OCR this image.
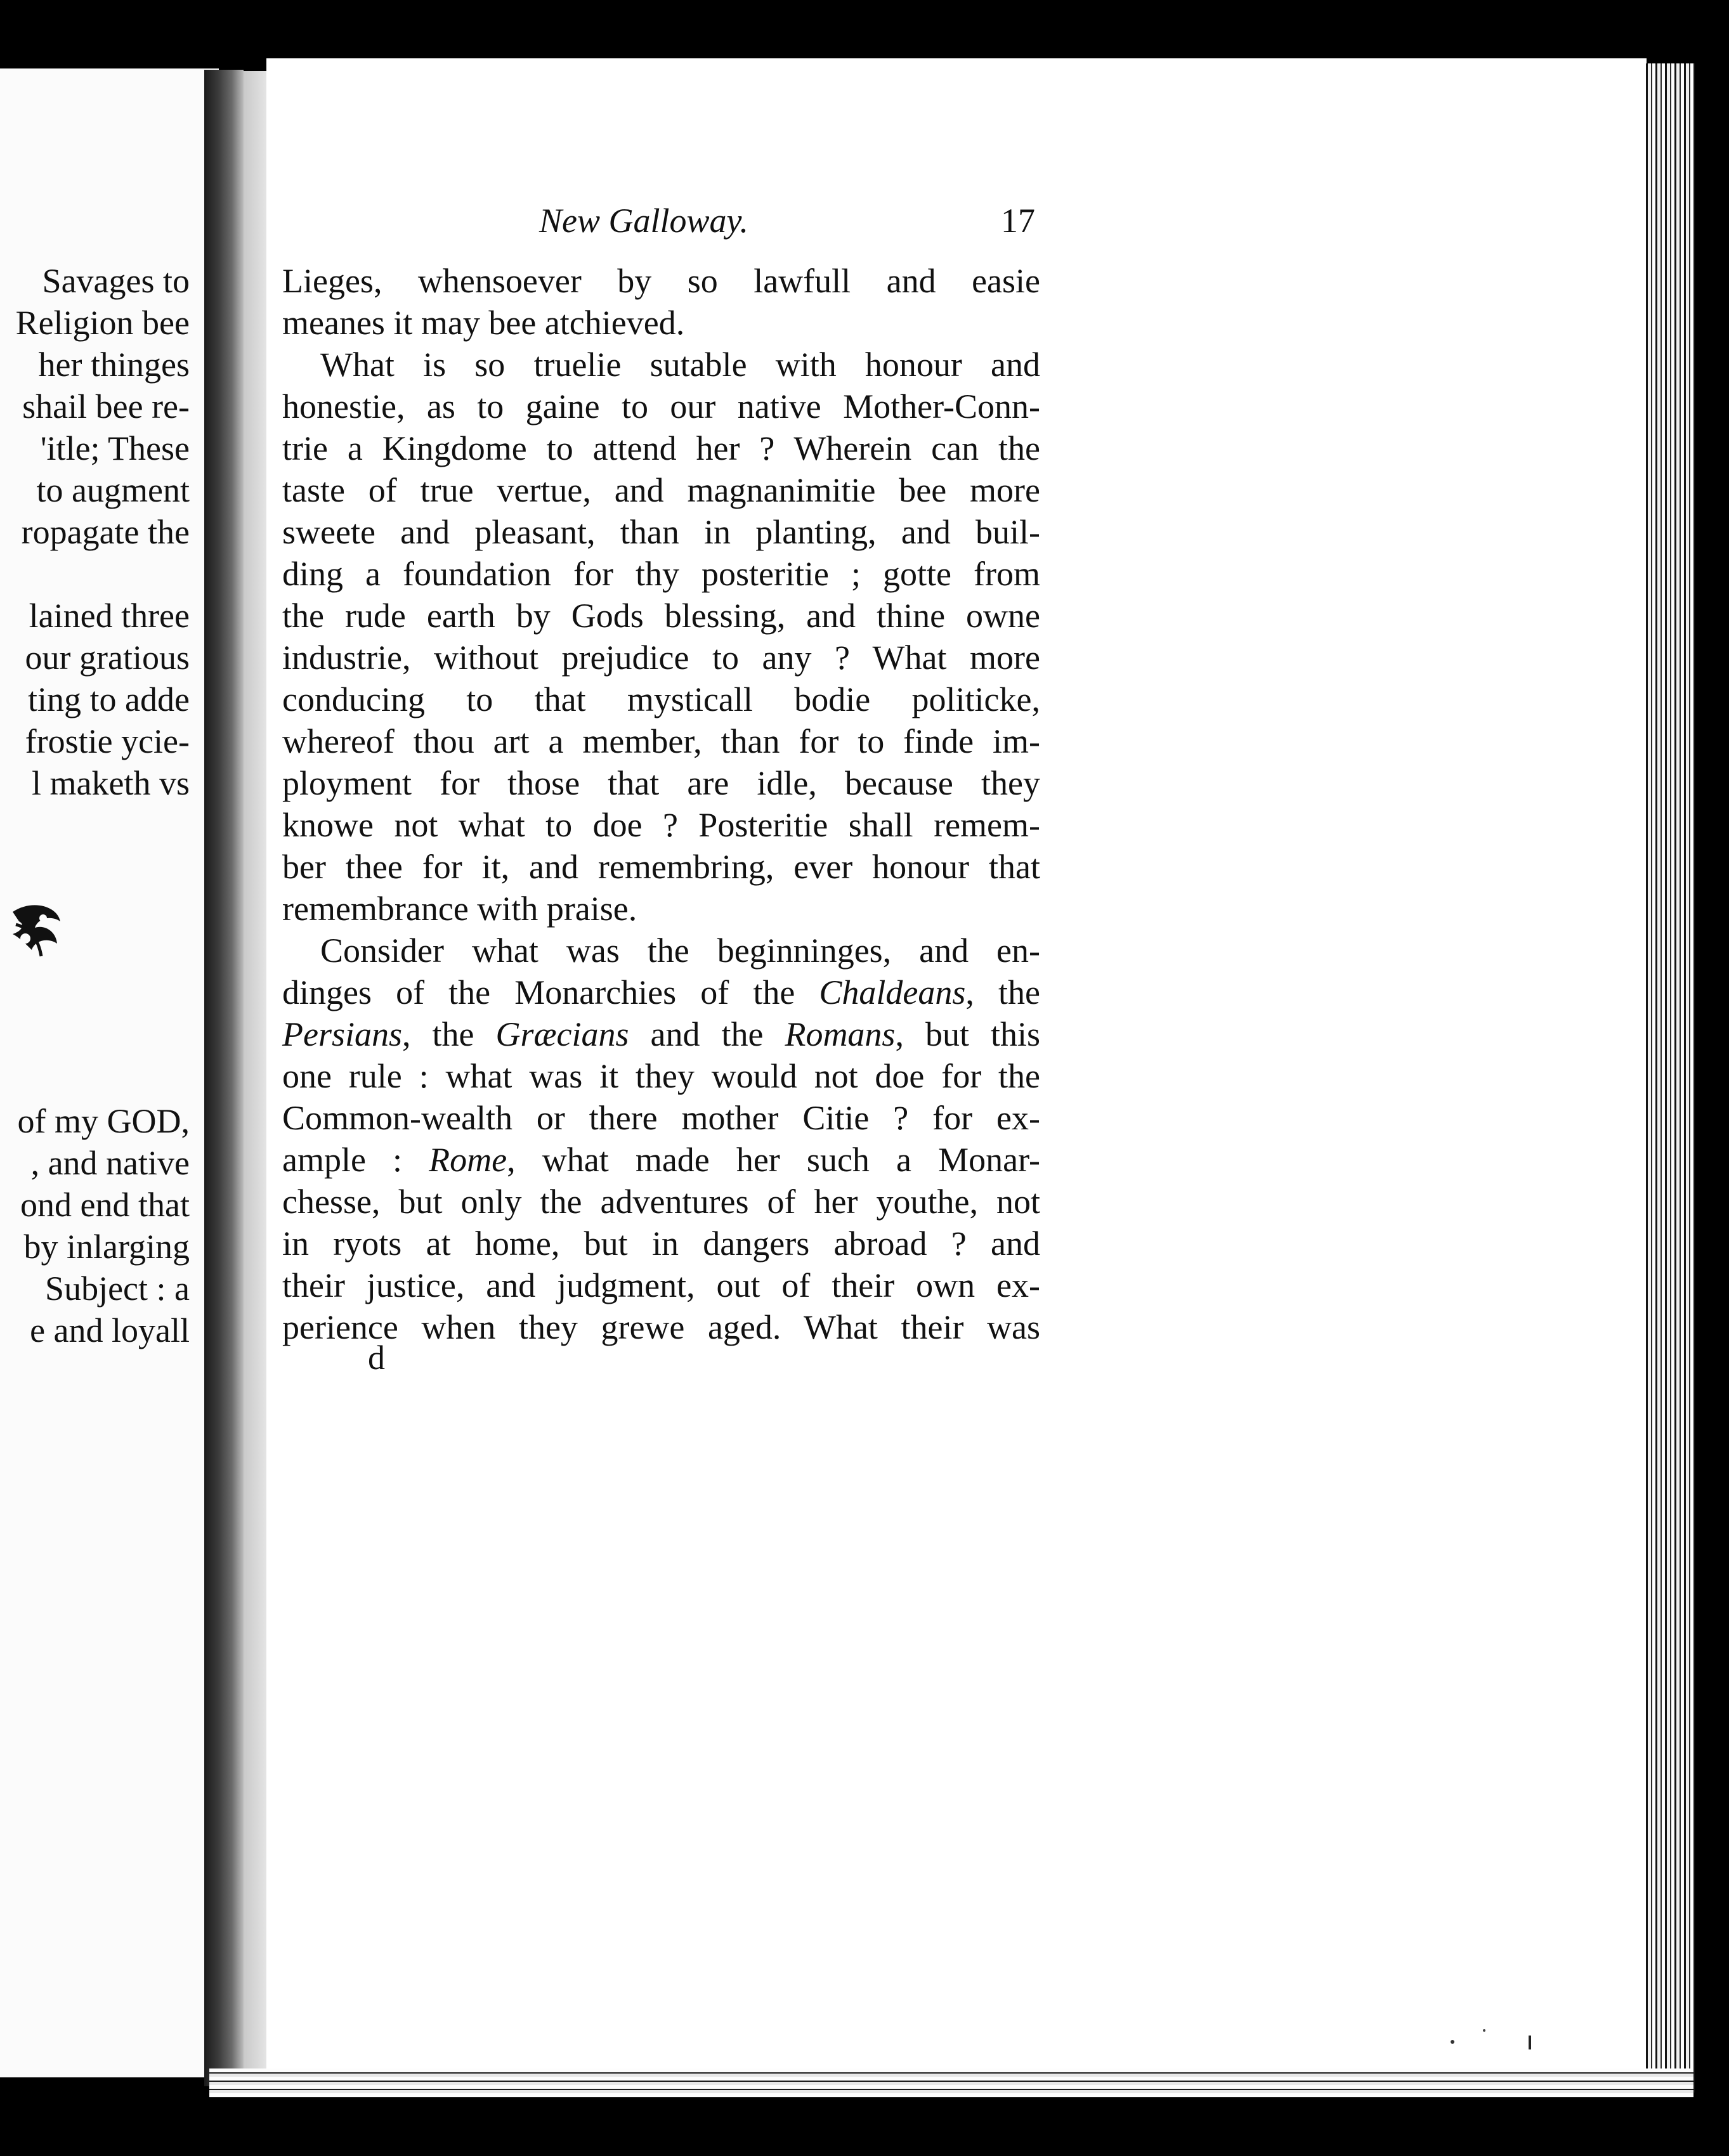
Savages to
Religion bee
her thinges
shail bee re-
'itle; These
to augment
ropagate the
lained three
our gratious
ting to adde
frostie ycie-
l maketh vs
of my GOD,
, and native
ond end that
by inlarging
Subject : a
e and loyall
New Galloway.	17
Lieges, whensoever by so lawfull and easie
meanes it may bee atchieved.
What is so truelie sutable with honour and
honestie, as to gaine to our native Mother-Conn-
trie a Kingdome to attend her ? Wherein can the
taste of true vertue, and magnanimitie bee more
sweete and pleasant, than in planting, and buil-
ding a foundation for thy posteritie ; gotte from
the rude earth by Gods blessing, and thine owne
industrie, without prejudice to any ? What more
conducing to that mysticall bodie politicke,
whereof thou art a member, than for to finde im-
ployment for those that are idle, because they
knowe not what to doe ? Posteritie shall remem-
ber thee for it, and remembring, ever honour that
remembrance with praise.
Consider what was the beginninges, and en-
dinges of the Monarchies of the Chaldeans, the
Persians, the Græcians and the Romans, but this
one rule : what was it they would not doe for the
Common-wealth or there mother Citie ? for ex-
ample : Rome, what made her such a Monar-
chesse, but only the adventures of her youthe, not
in ryots at home, but in dangers abroad ? and
their justice, and judgment, out of their own ex-
perience when they grewe aged. What their was
d
